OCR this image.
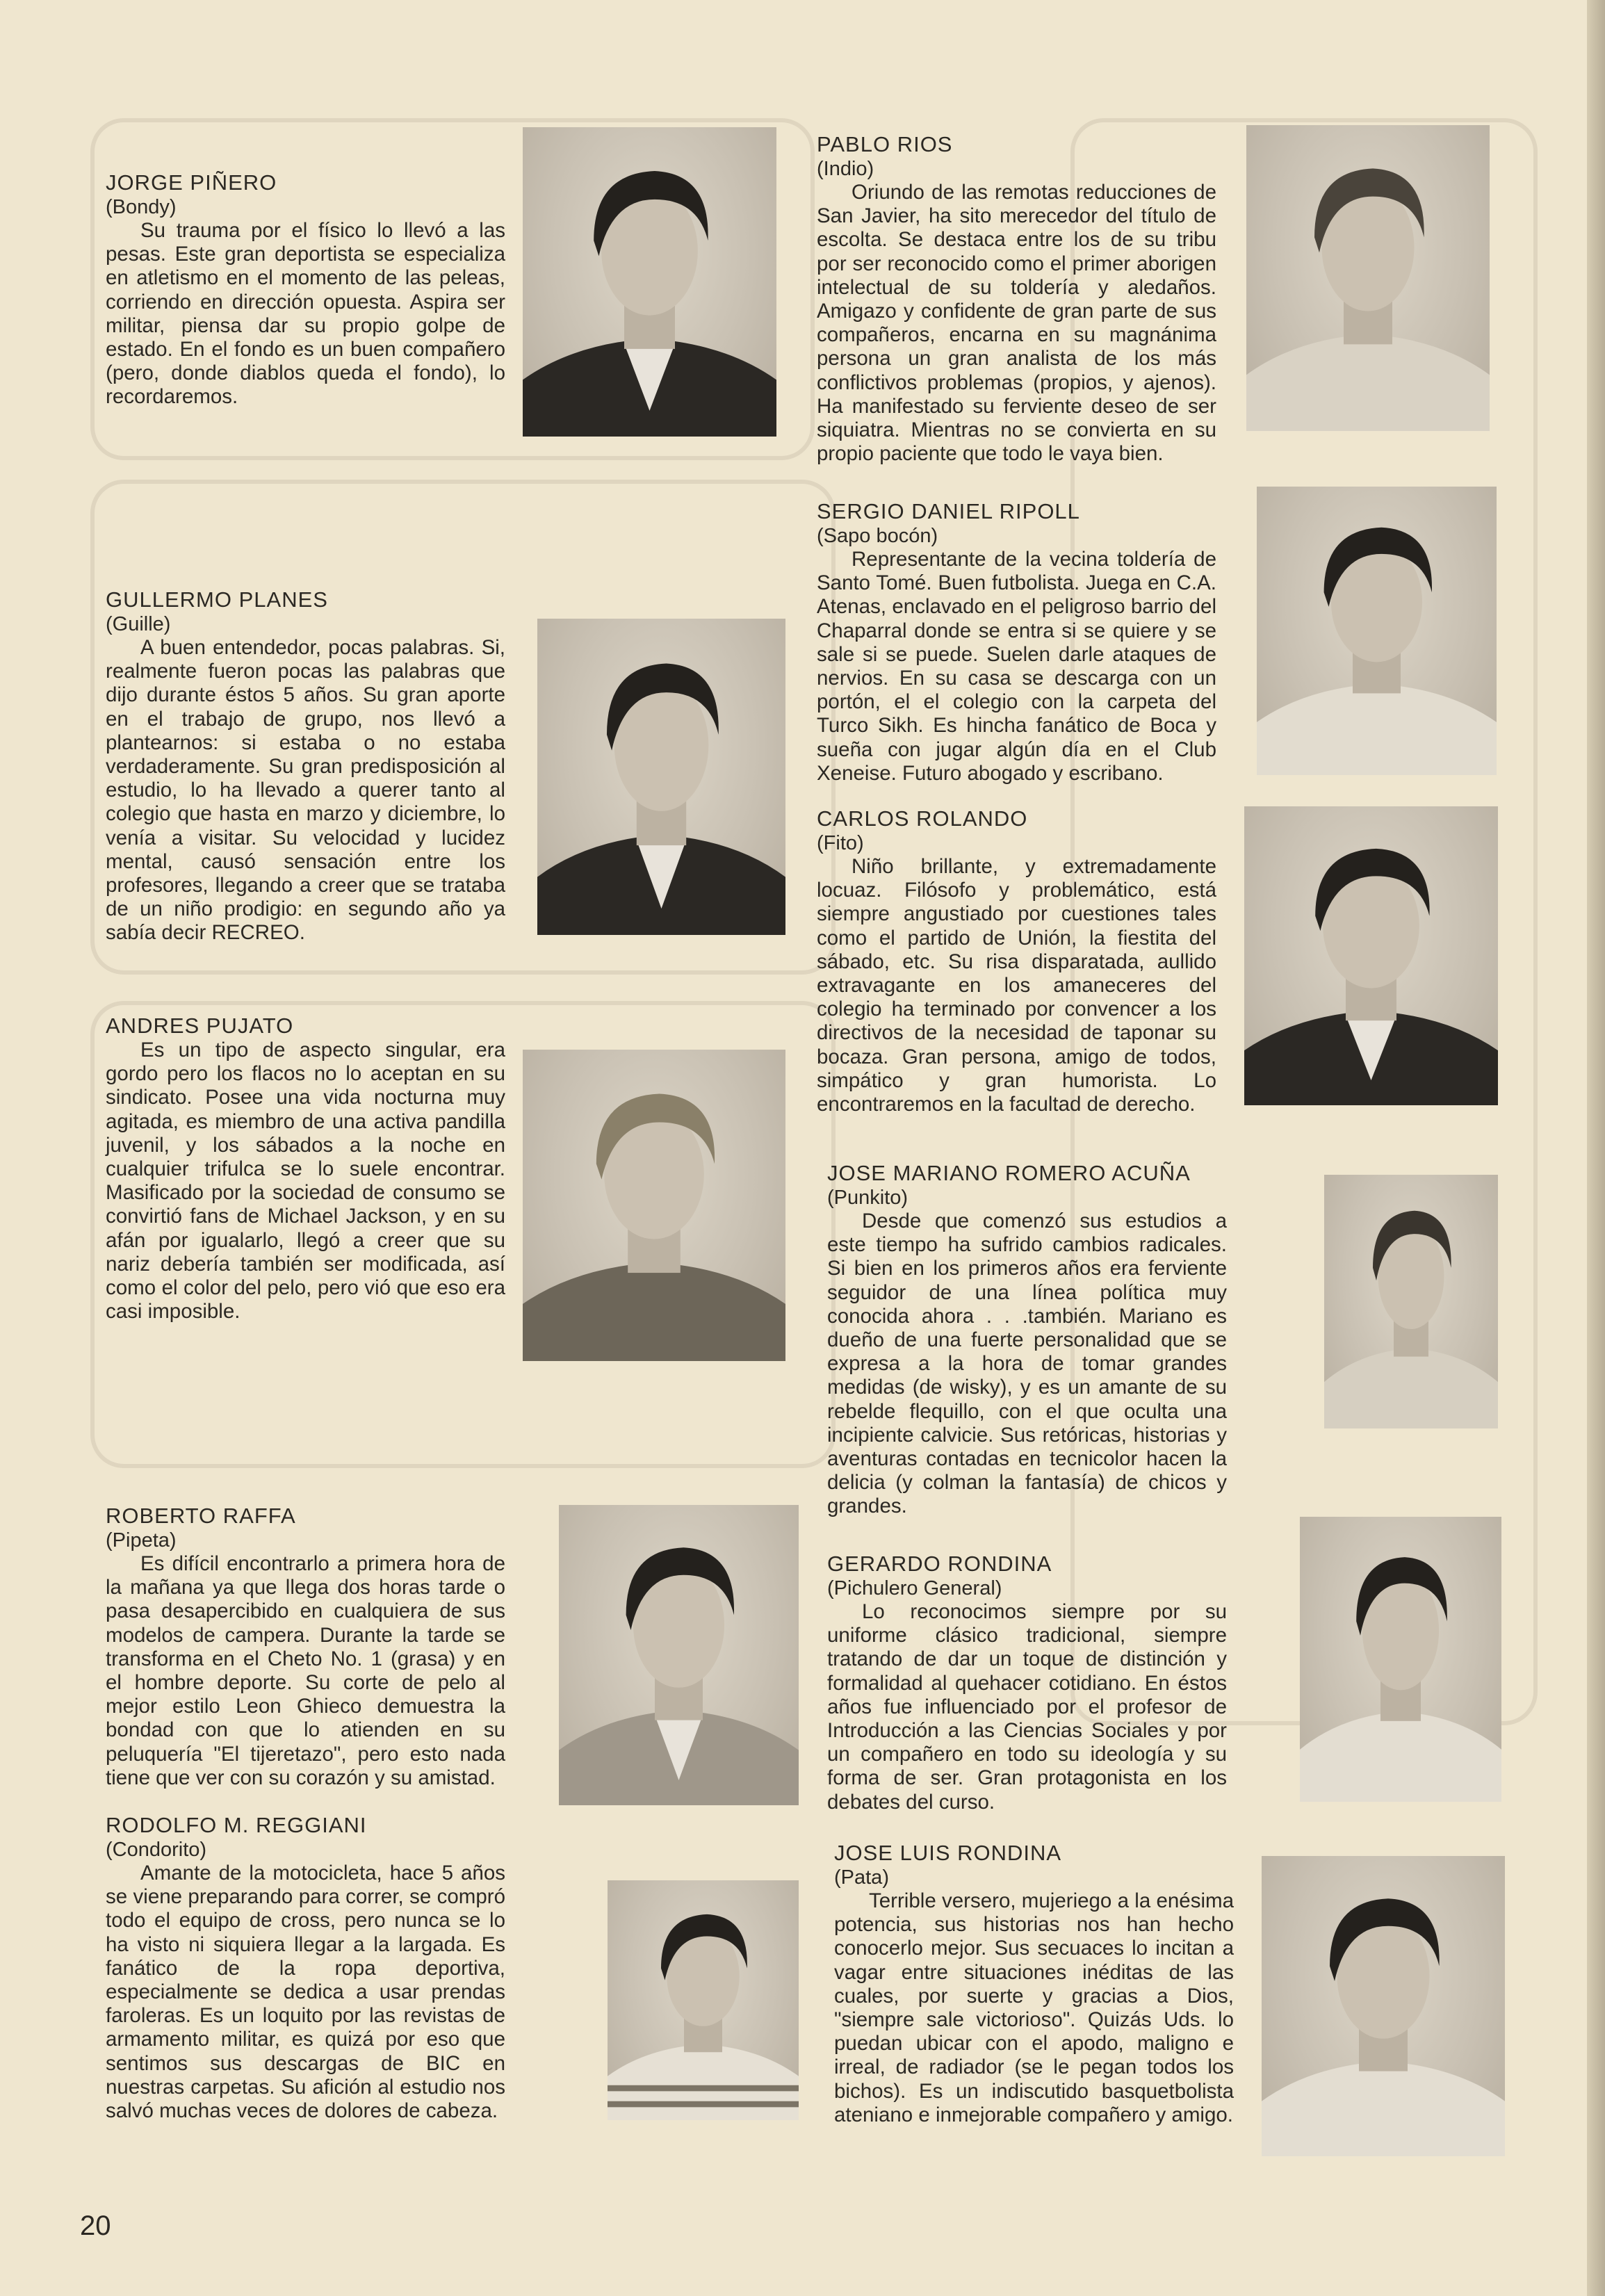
JORGE PIÑERO
(Bondy)

Su trauma por el físico lo llevó a las pesas. Este gran deportista se especializa en atletismo en el momento de las peleas, corriendo en dirección opuesta. Aspira ser militar, piensa dar su propio golpe de estado. En el fondo es un buen compañero (pero, donde diablos queda el fondo), lo recordaremos.

GULLERMO PLANES
(Guille)

A buen entendedor, pocas palabras. Si, realmente fueron pocas las palabras que dijo durante éstos 5 años. Su gran aporte en el trabajo de grupo, nos llevó a plantearnos: si estaba o no estaba verdaderamente. Su gran predisposición al estudio, lo ha llevado a querer tanto al colegio que hasta en marzo y diciembre, lo venía a visitar. Su velocidad y lucidez mental, causó sensación entre los profesores, llegando a creer que se trataba de un niño prodigio: en segundo año ya sabía decir RECREO.

ANDRES PUJATO

Es un tipo de aspecto singular, era gordo pero los flacos no lo aceptan en su sindicato. Posee una vida nocturna muy agitada, es miembro de una activa pandilla juvenil, y los sábados a la noche en cualquier trifulca se lo suele encontrar. Masificado por la sociedad de consumo se convirtió fans de Michael Jackson, y en su afán por igualarlo, llegó a creer que su nariz debería también ser modificada, así como el color del pelo, pero vió que eso era casi imposible.

ROBERTO RAFFA
(Pipeta)

Es difícil encontrarlo a primera hora de la mañana ya que llega dos horas tarde o pasa desapercibido en cualquiera de sus modelos de campera. Durante la tarde se transforma en el Cheto No. 1 (grasa) y en el hombre deporte. Su corte de pelo al mejor estilo Leon Ghieco demuestra la bondad con que lo atienden en su peluquería "El tijeretazo", pero esto nada tiene que ver con su corazón y su amistad.

RODOLFO M. REGGIANI
(Condorito)

Amante de la motocicleta, hace 5 años se viene preparando para correr, se compró todo el equipo de cross, pero nunca se lo ha visto ni siquiera llegar a la largada. Es fanático de la ropa deportiva, especialmente se dedica a usar prendas faroleras. Es un loquito por las revistas de armamento militar, es quizá por eso que sentimos sus descargas de BIC en nuestras carpetas. Su afición al estudio nos salvó muchas veces de dolores de cabeza.

PABLO RIOS
(Indio)

Oriundo de las remotas reducciones de San Javier, ha sito merecedor del título de escolta. Se destaca entre los de su tribu por ser reconocido como el primer aborigen intelectual de su toldería y aledaños. Amigazo y confidente de gran parte de sus compañeros, encarna en su magnánima persona un gran analista de los más conflictivos problemas (propios, y ajenos). Ha manifestado su ferviente deseo de ser siquiatra. Mientras no se convierta en su propio paciente que todo le vaya bien.

SERGIO DANIEL RIPOLL
(Sapo bocón)

Representante de la vecina toldería de Santo Tomé. Buen futbolista. Juega en C.A. Atenas, enclavado en el peligroso barrio del Chaparral donde se entra si se quiere y se sale si se puede. Suelen darle ataques de nervios. En su casa se descarga con un portón, el el colegio con la carpeta del Turco Sikh. Es hincha fanático de Boca y sueña con jugar algún día en el Club Xeneise. Futuro abogado y escribano.

CARLOS ROLANDO
(Fito)

Niño brillante, y extremadamente locuaz. Filósofo y problemático, está siempre angustiado por cuestiones tales como el partido de Unión, la fiestita del sábado, etc. Su risa disparatada, aullido extravagante en los amaneceres del colegio ha terminado por convencer a los directivos de la necesidad de taponar su bocaza. Gran persona, amigo de todos, simpático y gran humorista. Lo encontraremos en la facultad de derecho.

JOSE MARIANO ROMERO ACUÑA
(Punkito)

Desde que comenzó sus estudios a este tiempo ha sufrido cambios radicales. Si bien en los primeros años era ferviente seguidor de una línea política muy conocida ahora . . .también. Mariano es dueño de una fuerte personalidad que se expresa a la hora de tomar grandes medidas (de wisky), y es un amante de su rebelde flequillo, con el que oculta una incipiente calvicie. Sus retóricas, historias y aventuras contadas en tecnicolor hacen la delicia (y colman la fantasía) de chicos y grandes.

GERARDO RONDINA
(Pichulero General)

Lo reconocimos siempre por su uniforme clásico tradicional, siempre tratando de dar un toque de distinción y formalidad al quehacer cotidiano. En éstos años fue influenciado por el profesor de Introducción a las Ciencias Sociales y por un compañero en todo su ideología y su forma de ser. Gran protagonista en los debates del curso.

JOSE LUIS RONDINA
(Pata)

Terrible versero, mujeriego a la enésima potencia, sus historias nos han hecho conocerlo mejor. Sus secuaces lo incitan a vagar entre situaciones inéditas de las cuales, por suerte y gracias a Dios, "siempre sale victorioso". Quizás Uds. lo puedan ubicar con el apodo, maligno e irreal, de radiador (se le pegan todos los bichos). Es un indiscutido basquetbolista ateniano e inmejorable compañero y amigo.

20
